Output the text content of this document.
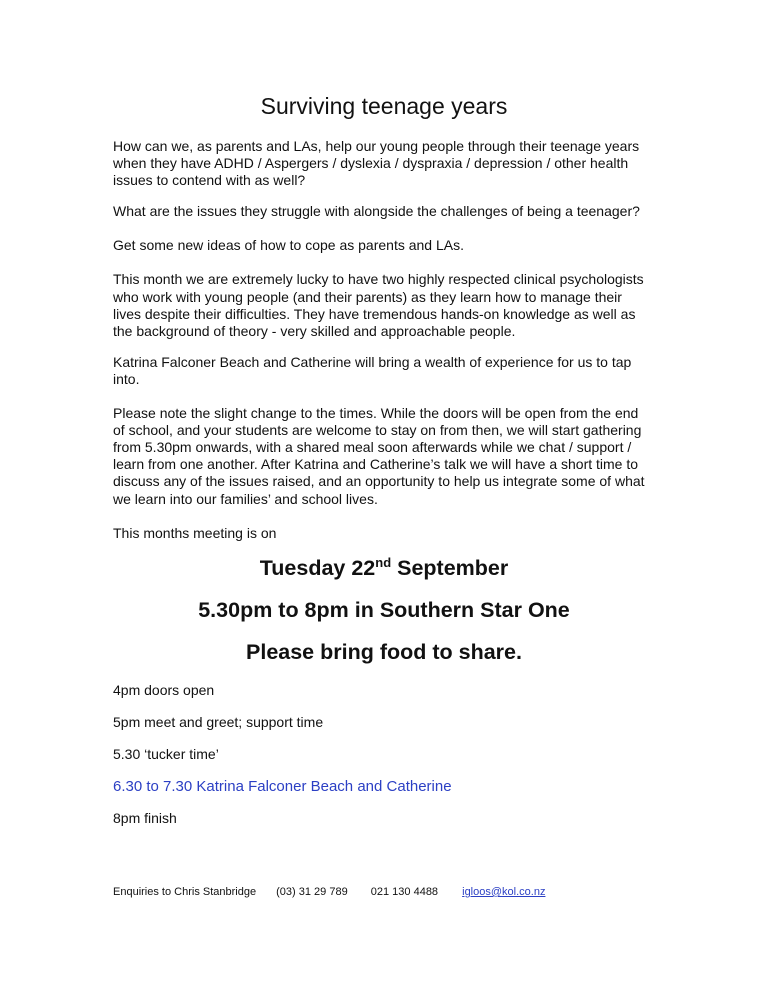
Surviving teenage years

How can we, as parents and LAs, help our young people through their teenage years when they have ADHD / Aspergers / dyslexia / dyspraxia / depression / other health issues to contend with as well?

What are the issues they struggle with alongside the challenges of being a teenager?

Get some new ideas of how to cope as parents and LAs.

This month we are extremely lucky to have two highly respected clinical psychologists who work with young people (and their parents) as they learn how to manage their lives despite their difficulties. They have tremendous hands-on knowledge as well as the background of theory - very skilled and approachable people.

Katrina Falconer Beach and Catherine will bring a wealth of experience for us to tap into.

Please note the slight change to the times. While the doors will be open from the end of school, and your students are welcome to stay on from then, we will start gathering from 5.30pm onwards, with a shared meal soon afterwards while we chat / support / learn from one another. After Katrina and Catherine’s talk we will have a short time to discuss any of the issues raised, and an opportunity to help us integrate some of what we learn into our families’ and school lives.

This months meeting is on

Tuesday 22nd September
5.30pm to 8pm in Southern Star One
Please bring food to share.
4pm doors open
5pm meet and greet; support time
5.30 ‘tucker time’
6.30 to 7.30 Katrina Falconer Beach and Catherine
8pm finish
Enquiries to Chris Stanbridge (03) 31 29 789 021 130 4488 igloos@kol.co.nz
